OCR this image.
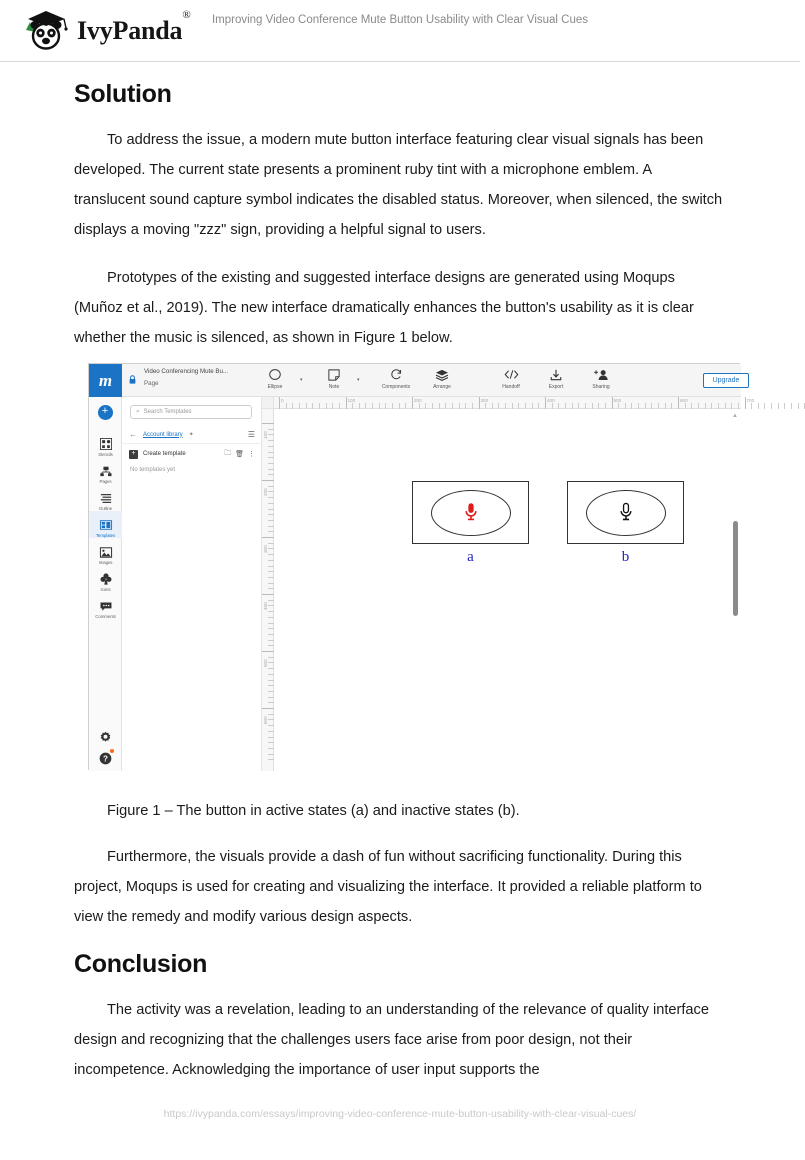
IvyPanda®	Improving Video Conference Mute Button Usability with Clear Visual Cues
Solution

To address the issue, a modern mute button interface featuring clear visual signals has been developed. The current state presents a prominent ruby tint with a microphone emblem. A translucent sound capture symbol indicates the disabled status. Moreover, when silenced, the switch displays a moving "zzz" sign, providing a helpful signal to users.

Prototypes of the existing and suggested interface designs are generated using Moqups (Muñoz et al., 2019). The new interface dramatically enhances the button's usability as it is clear whether the music is silenced, as shown in Figure 1 below.

m	Video Conferencing Mute Bu...
Page	Ellipse
▾
Note
▾
Components	Arrange	Handoff	Export	Sharing
Upgrade
+
Stencils
Pages
Outline
Templates
Images
Icons
Comments
?
⌕ Search Templates
← Account library ✦	☰
+	Create template	🗀 🗑 ⋮
No templates yet
0	100	200	300	400	500	600	700
100
200
300
400
500
600
▲
a	b

Figure 1 – The button in active states (a) and inactive states (b).

Furthermore, the visuals provide a dash of fun without sacrificing functionality. During this project, Moqups is used for creating and visualizing the interface. It provided a reliable platform to view the remedy and modify various design aspects.

Conclusion

The activity was a revelation, leading to an understanding of the relevance of quality interface design and recognizing that the challenges users face arise from poor design, not their incompetence. Acknowledging the importance of user input supports the

https://ivypanda.com/essays/improving-video-conference-mute-button-usability-with-clear-visual-cues/
